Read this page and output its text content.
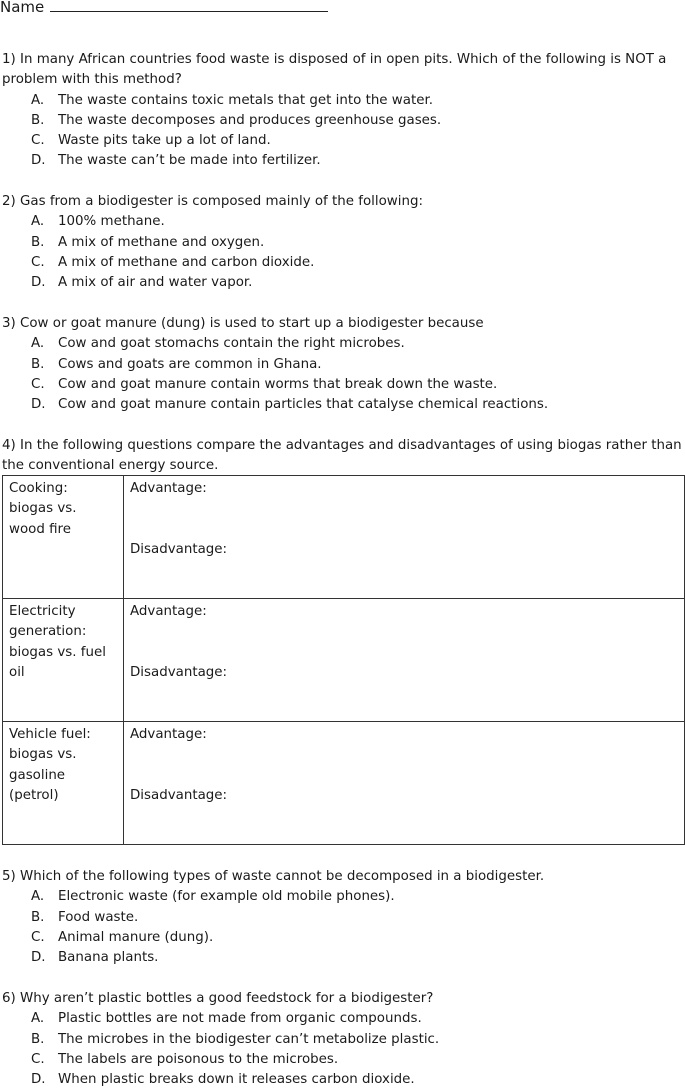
Name

1) In many African countries food waste is disposed of in open pits. Which of the following is NOT a problem with this method?

A.	The waste contains toxic metals that get into the water.
B.	The waste decomposes and produces greenhouse gases.
C. Waste pits take up a lot of land.
D. The waste can’t be made into fertilizer.

2) Gas from a biodigester is composed mainly of the following:

A.	100% methane.
B.	A mix of methane and oxygen.
C. A mix of methane and carbon dioxide.
D. A mix of air and water vapor.

3) Cow or goat manure (dung) is used to start up a biodigester because

A.	Cow and goat stomachs contain the right microbes.
B.	Cows and goats are common in Ghana.
C. Cow and goat manure contain worms that break down the waste.
D. Cow and goat manure contain particles that catalyse chemical reactions.

4) In the following questions compare the advantages and disadvantages of using biogas rather than the conventional energy source.

Cooking:
biogas vs.
wood fire	Advantage:
Disadvantage:

Electricity
generation:
biogas vs. fuel
oil	Advantage:
Disadvantage:

Vehicle fuel:
biogas vs.
gasoline
(petrol)	Advantage:
Disadvantage:

5) Which of the following types of waste cannot be decomposed in a biodigester.

A.	Electronic waste (for example old mobile phones).
B.	Food waste.
C. Animal manure (dung).
D. Banana plants.

6) Why aren’t plastic bottles a good feedstock for a biodigester?

A.	Plastic bottles are not made from organic compounds.
B.	The microbes in the biodigester can’t metabolize plastic.
C. The labels are poisonous to the microbes.
D. When plastic breaks down it releases carbon dioxide.
